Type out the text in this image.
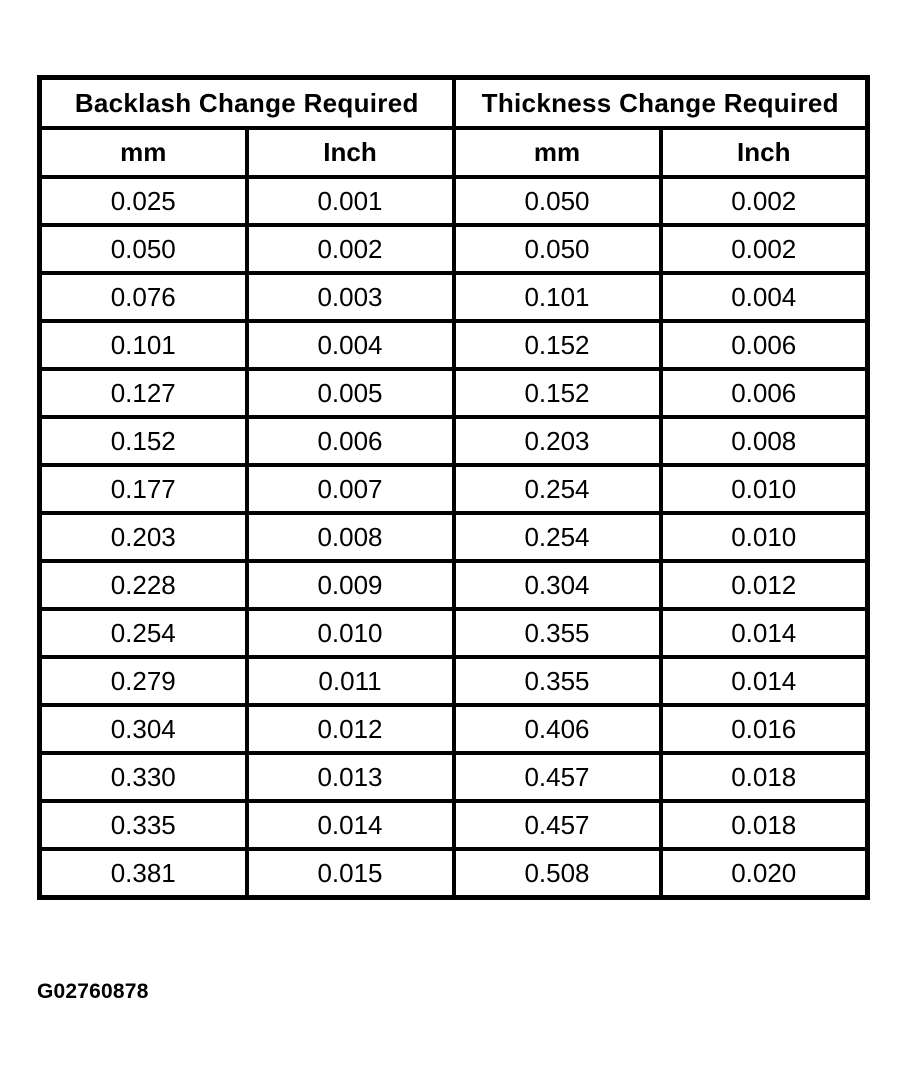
Backlash Change Required		Thickness Change Required	
mm	Inch	mm	Inch
0.025	0.001	0.050	0.002
0.050	0.002	0.050	0.002
0.076	0.003	0.101	0.004
0.101	0.004	0.152	0.006
0.127	0.005	0.152	0.006
0.152	0.006	0.203	0.008
0.177	0.007	0.254	0.010
0.203	0.008	0.254	0.010
0.228	0.009	0.304	0.012
0.254	0.010	0.355	0.014
0.279	0.011	0.355	0.014
0.304	0.012	0.406	0.016
0.330	0.013	0.457	0.018
0.335	0.014	0.457	0.018
0.381	0.015	0.508	0.020
G02760878
